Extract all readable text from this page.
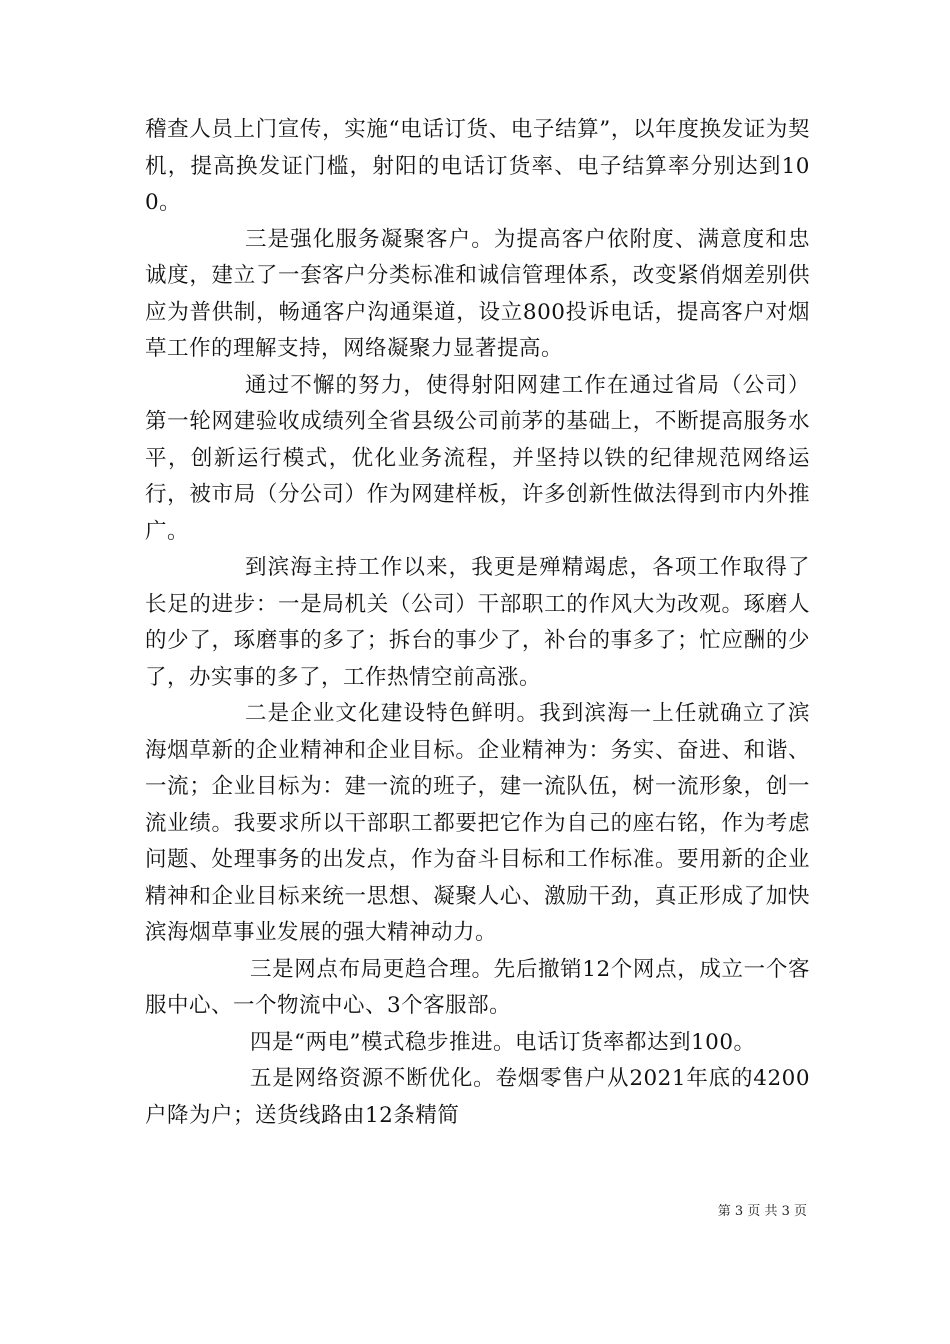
稽查人员上门宣传，实施“电话订货、电子结算”，以年度换发证为契机，提高换发证门槛，射阳的电话订货率、电子结算率分别达到100。

三是强化服务凝聚客户。为提高客户依附度、满意度和忠诚度，建立了一套客户分类标准和诚信管理体系，改变紧俏烟差别供应为普供制，畅通客户沟通渠道，设立800投诉电话，提高客户对烟草工作的理解支持，网络凝聚力显著提高。

通过不懈的努力，使得射阳网建工作在通过省局（公司）第一轮网建验收成绩列全省县级公司前茅的基础上，不断提高服务水平，创新运行模式，优化业务流程，并坚持以铁的纪律规范网络运行，被市局（分公司）作为网建样板，许多创新性做法得到市内外推广。

到滨海主持工作以来，我更是殚精竭虑，各项工作取得了长足的进步：一是局机关（公司）干部职工的作风大为改观。琢磨人的少了，琢磨事的多了；拆台的事少了，补台的事多了；忙应酬的少了，办实事的多了，工作热情空前高涨。

二是企业文化建设特色鲜明。我到滨海一上任就确立了滨海烟草新的企业精神和企业目标。企业精神为：务实、奋进、和谐、一流；企业目标为：建一流的班子，建一流队伍，树一流形象，创一流业绩。我要求所以干部职工都要把它作为自己的座右铭，作为考虑问题、处理事务的出发点，作为奋斗目标和工作标准。要用新的企业精神和企业目标来统一思想、凝聚人心、激励干劲，真正形成了加快滨海烟草事业发展的强大精神动力。

三是网点布局更趋合理。先后撤销12个网点，成立一个客服中心、一个物流中心、3个客服部。

四是“两电”模式稳步推进。电话订货率都达到100。

五是网络资源不断优化。卷烟零售户从2021年底的4200户降为户；送货线路由12条精简

第 3 页 共 3 页
